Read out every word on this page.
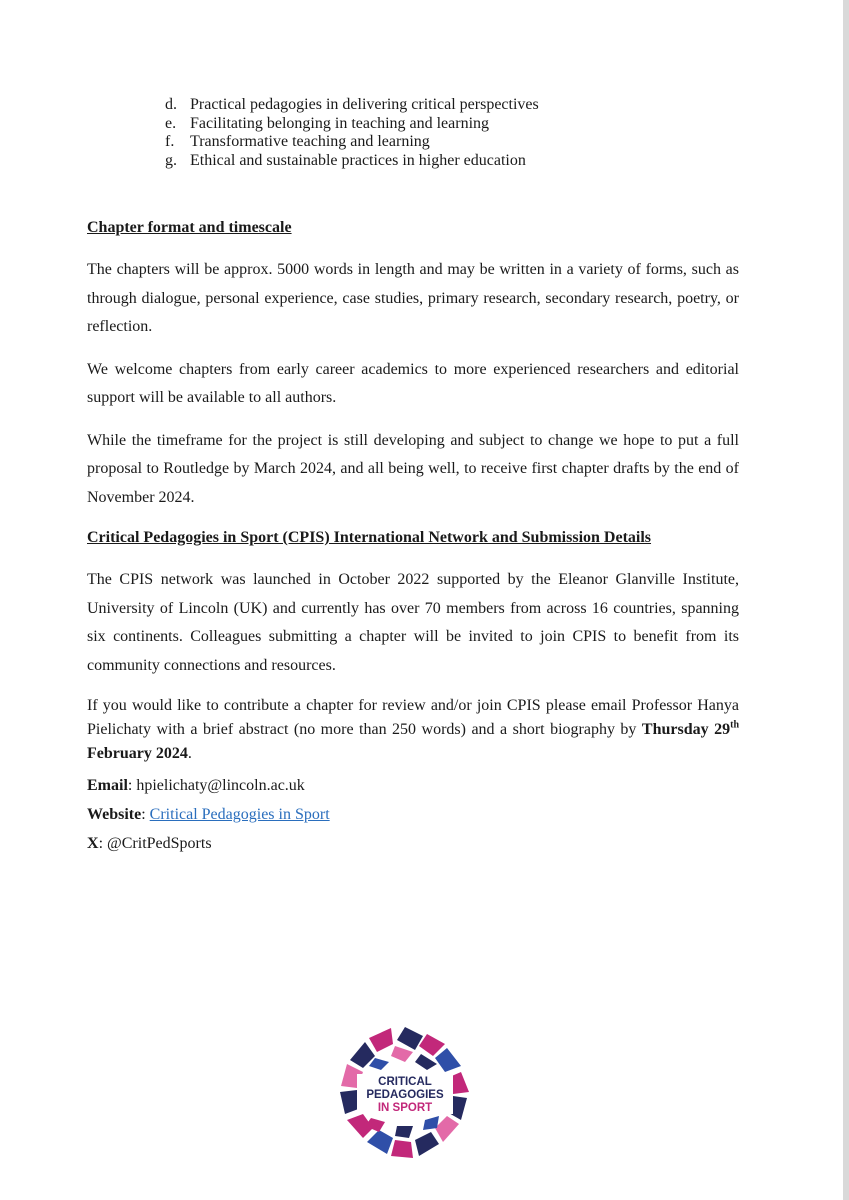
d. Practical pedagogies in delivering critical perspectives
e. Facilitating belonging in teaching and learning
f. Transformative teaching and learning
g. Ethical and sustainable practices in higher education
Chapter format and timescale

The chapters will be approx. 5000 words in length and may be written in a variety of forms, such as through dialogue, personal experience, case studies, primary research, secondary research, poetry, or reflection.

We welcome chapters from early career academics to more experienced researchers and editorial support will be available to all authors.

While the timeframe for the project is still developing and subject to change we hope to put a full proposal to Routledge by March 2024, and all being well, to receive first chapter drafts by the end of November 2024.

Critical Pedagogies in Sport (CPIS) International Network and Submission Details

The CPIS network was launched in October 2022 supported by the Eleanor Glanville Institute, University of Lincoln (UK) and currently has over 70 members from across 16 countries, spanning six continents. Colleagues submitting a chapter will be invited to join CPIS to benefit from its community connections and resources.

If you would like to contribute a chapter for review and/or join CPIS please email Professor Hanya Pielichaty with a brief abstract (no more than 250 words) and a short biography by Thursday 29th February 2024.

Email: hpielichaty@lincoln.ac.uk
Website: Critical Pedagogies in Sport
X: @CritPedSports
CRITICAL
PEDAGOGIES
IN SPORT
